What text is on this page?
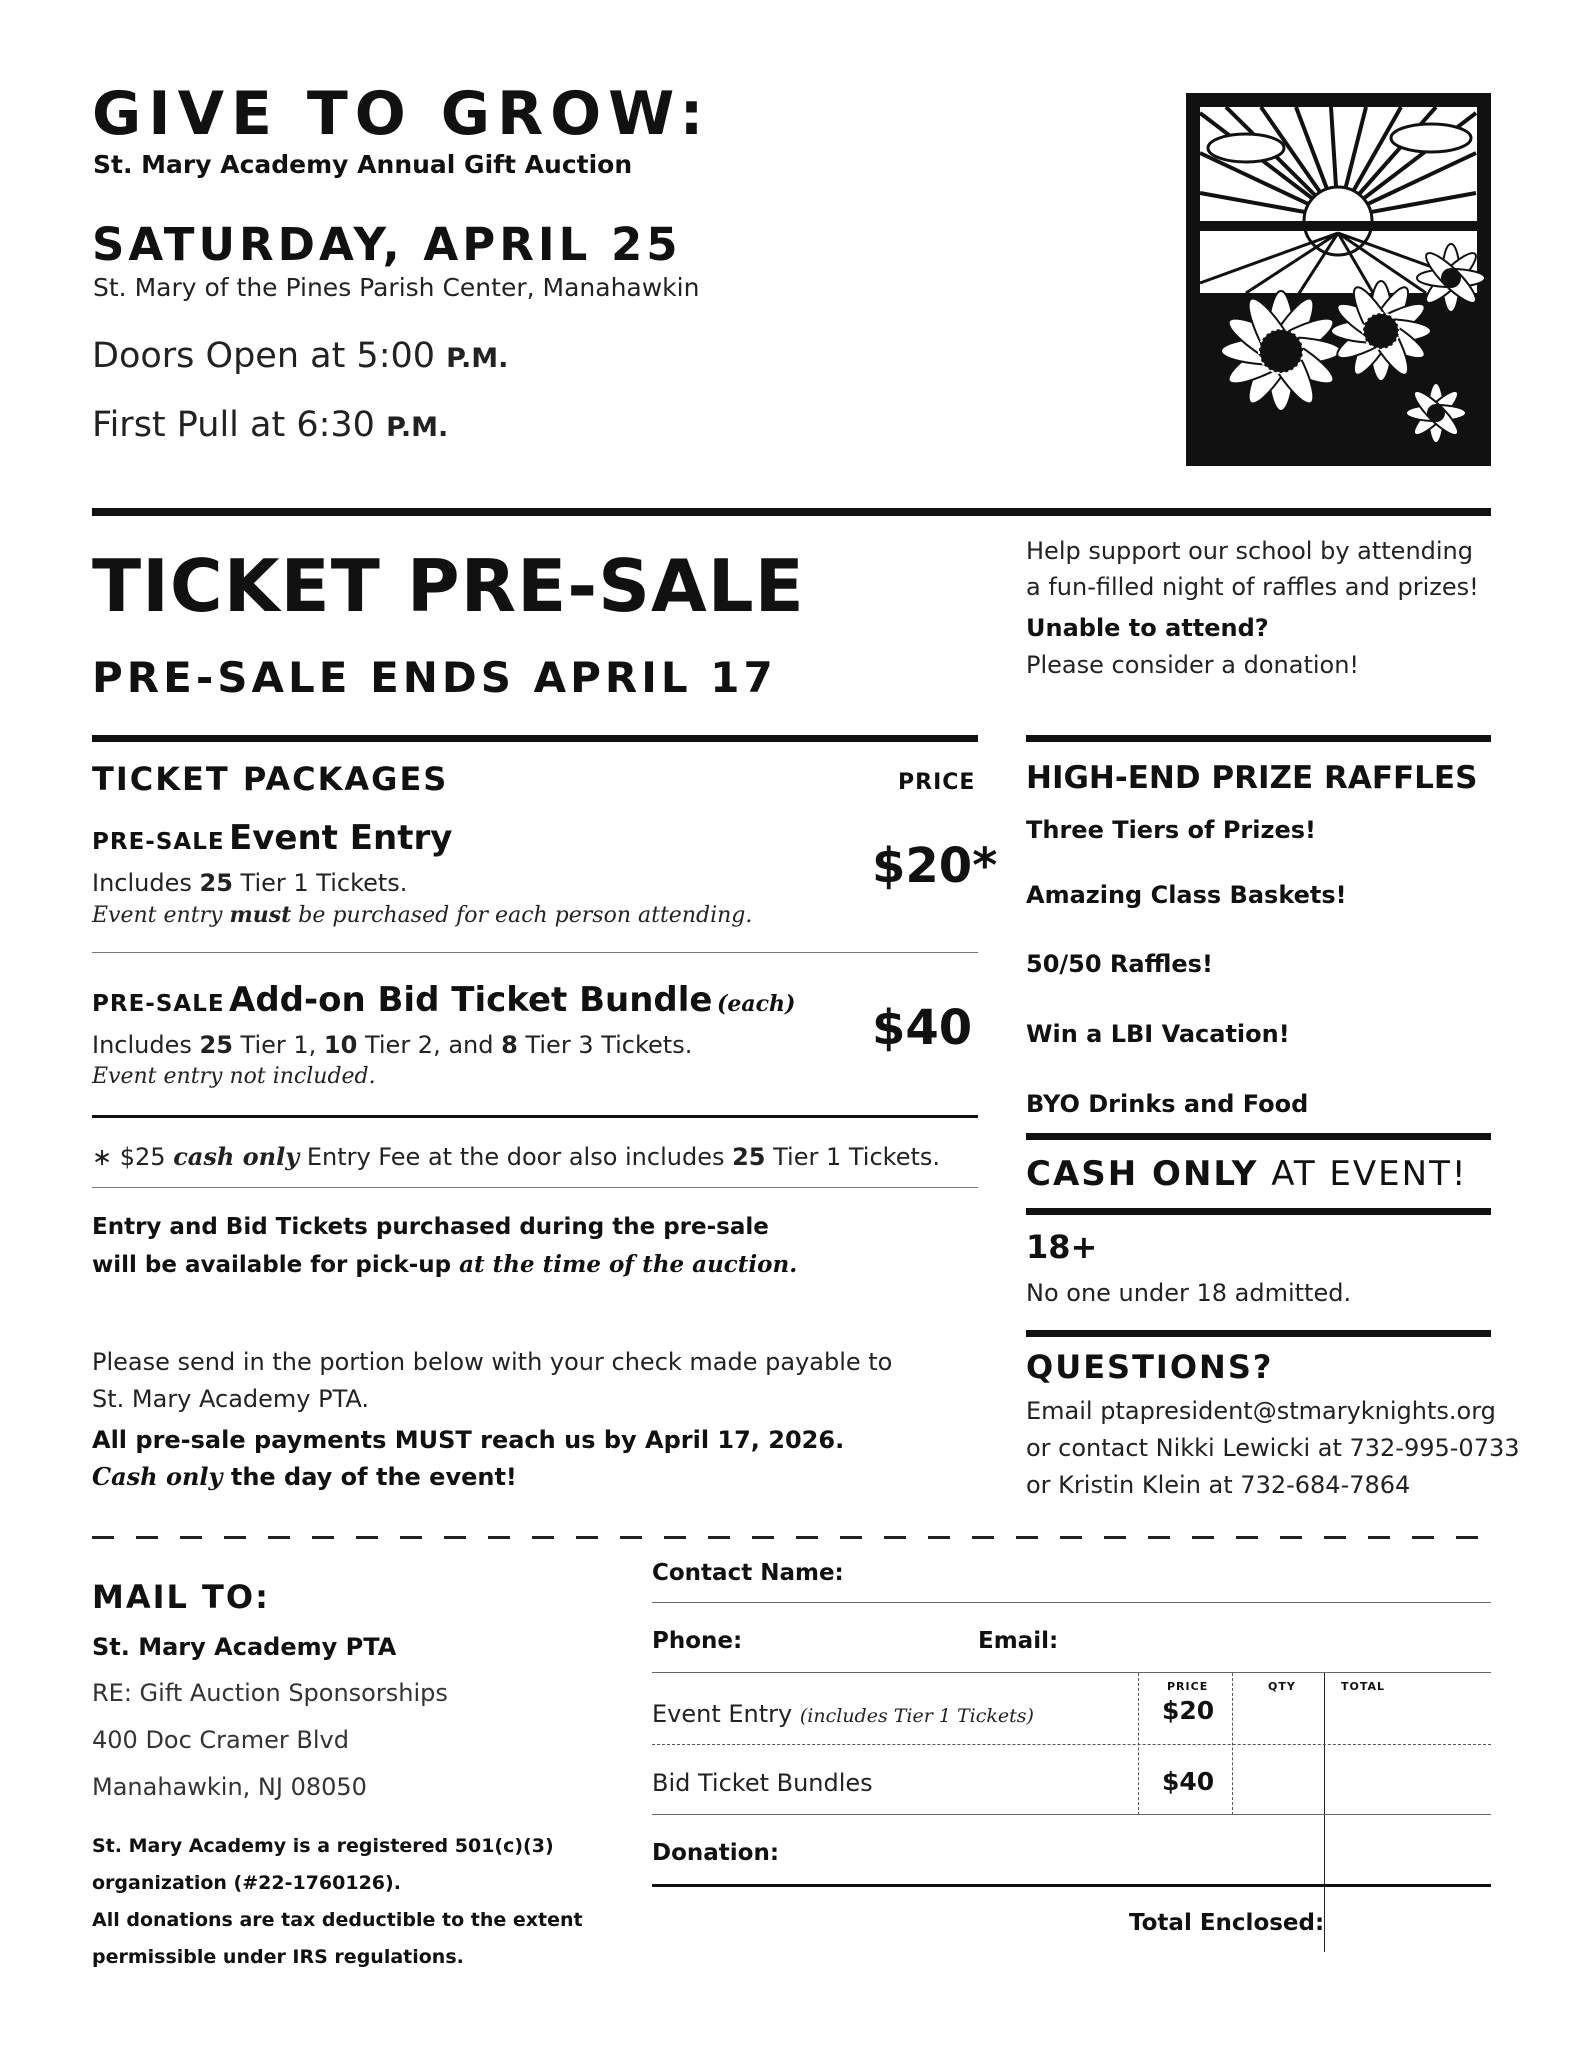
GIVE TO GROW:
St. Mary Academy Annual Gift Auction
SATURDAY, APRIL 25
St. Mary of the Pines Parish Center, Manahawkin
Doors Open at 5:00 P.M.
First Pull at 6:30 P.M.
TICKET PRE-SALE
PRE-SALE ENDS APRIL 17
Help support our school by attending
a fun-filled night of raffles and prizes!
Unable to attend?
Please consider a donation!
TICKET PACKAGES	PRICE
PRE-SALE Event Entry
Includes 25 Tier 1 Tickets.
Event entry must be purchased for each person attending.
$20*
PRE-SALE Add-on Bid Ticket Bundle (each)
Includes 25 Tier 1, 10 Tier 2, and 8 Tier 3 Tickets.
Event entry not included.
$40
∗ $25 cash only Entry Fee at the door also includes 25 Tier 1 Tickets.
Entry and Bid Tickets purchased during the pre-sale
will be available for pick-up at the time of the auction.
Please send in the portion below with your check made payable to
St. Mary Academy PTA.
All pre-sale payments MUST reach us by April 17, 2026.
Cash only the day of the event!
HIGH-END PRIZE RAFFLES
Three Tiers of Prizes!
Amazing Class Baskets!
50/50 Raffles!
Win a LBI Vacation!
BYO Drinks and Food
CASH ONLY AT EVENT!
18+
No one under 18 admitted.
QUESTIONS?
Email ptapresident@stmaryknights.org
or contact Nikki Lewicki at 732-995-0733
or Kristin Klein at 732-684-7864
MAIL TO:
St. Mary Academy PTA
RE: Gift Auction Sponsorships
400 Doc Cramer Blvd
Manahawkin, NJ 08050
St. Mary Academy is a registered 501(c)(3)
organization (#22-1760126).
All donations are tax deductible to the extent
permissible under IRS regulations.
Contact Name:
Phone:	Email:
PRICE	QTY	TOTAL
Event Entry (includes Tier 1 Tickets)	$20
Bid Ticket Bundles	$40
Donation:
Total Enclosed:
